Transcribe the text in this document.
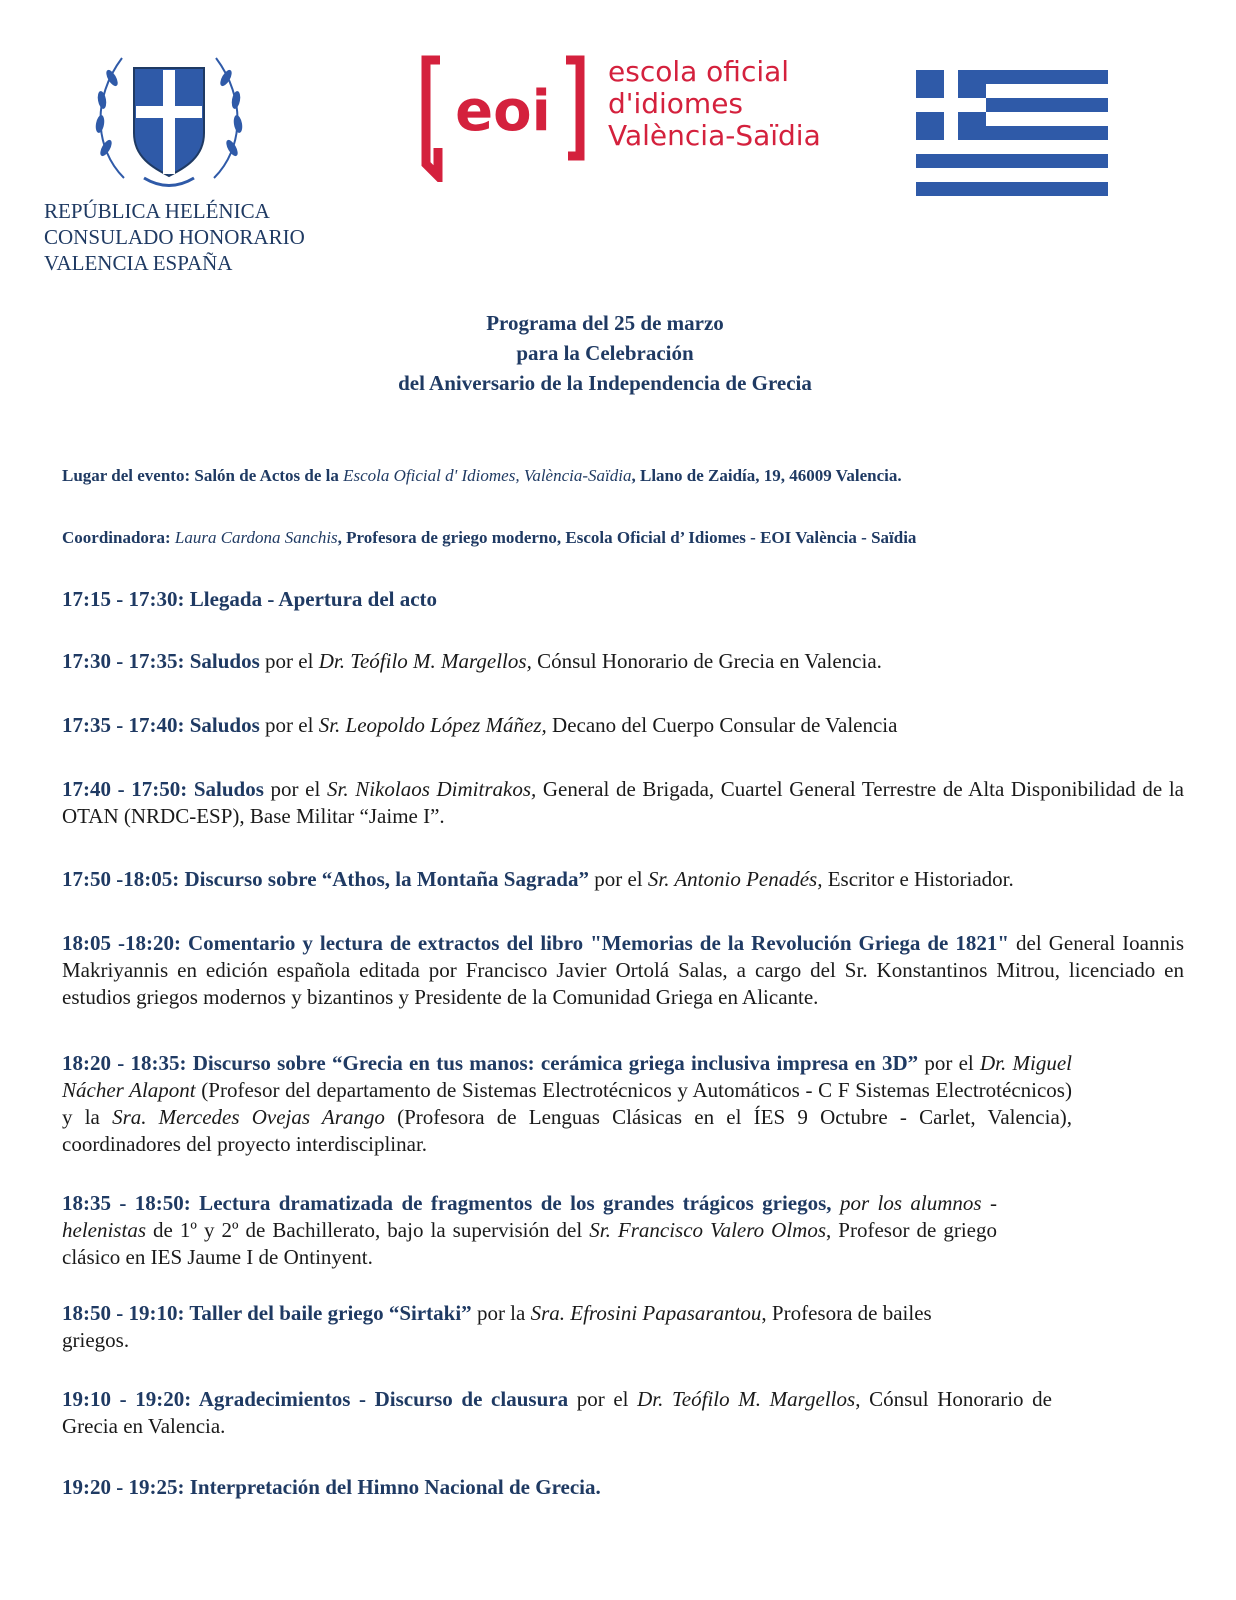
REPÚBLICA HELÉNICA
CONSULADO HONORARIO
VALENCIA ESPAÑA
eoi
escola oficial
d'idiomes
València-Saïdia
Programa del 25 de marzo
para la Celebración
del Aniversario de la Independencia de Grecia
Lugar del evento: Salón de Actos de la Escola Oficial d' Idiomes, València-Saïdia, Llano de Zaidía, 19, 46009 Valencia.
Coordinadora: Laura Cardona Sanchis, Profesora de griego moderno, Escola Oficial d’ Idiomes - EOI València - Saïdia
17:15 - 17:30: Llegada - Apertura del acto
17:30 - 17:35: Saludos por el Dr. Teófilo M. Margellos, Cónsul Honorario de Grecia en Valencia.
17:35 - 17:40: Saludos por el Sr. Leopoldo López Máñez, Decano del Cuerpo Consular de Valencia
17:40 - 17:50: Saludos por el Sr. Nikolaos Dimitrakos, General de Brigada, Cuartel General Terrestre de Alta Disponibilidad de la OTAN (NRDC-ESP), Base Militar “Jaime I”.
17:50 -18:05: Discurso sobre “Athos, la Montaña Sagrada” por el Sr. Antonio Penadés, Escritor e Historiador.
18:05 -18:20: Comentario y lectura de extractos del libro "Memorias de la Revolución Griega de 1821" del General Ioannis Makriyannis en edición española editada por Francisco Javier Ortolá Salas, a cargo del Sr. Konstantinos Mitrou, licenciado en estudios griegos modernos y bizantinos y Presidente de la Comunidad Griega en Alicante.
18:20 - 18:35: Discurso sobre “Grecia en tus manos: cerámica griega inclusiva impresa en 3D” por el Dr. Miguel Nácher Alapont (Profesor del departamento de Sistemas Electrotécnicos y Automáticos - C F Sistemas Electrotécnicos) y la Sra. Mercedes Ovejas Arango (Profesora de Lenguas Clásicas en el ÍES 9 Octubre - Carlet, Valencia), coordinadores del proyecto interdisciplinar.
18:35 - 18:50: Lectura dramatizada de fragmentos de los grandes trágicos griegos, por los alumnos - helenistas de 1º y 2º de Bachillerato, bajo la supervisión del Sr. Francisco Valero Olmos, Profesor de griego clásico en IES Jaume I de Ontinyent.
18:50 - 19:10: Taller del baile griego “Sirtaki” por la Sra. Efrosini Papasarantou, Profesora de bailes griegos.
19:10 - 19:20: Agradecimientos - Discurso de clausura por el Dr. Teófilo M. Margellos, Cónsul Honorario de Grecia en Valencia.
19:20 - 19:25: Interpretación del Himno Nacional de Grecia.
